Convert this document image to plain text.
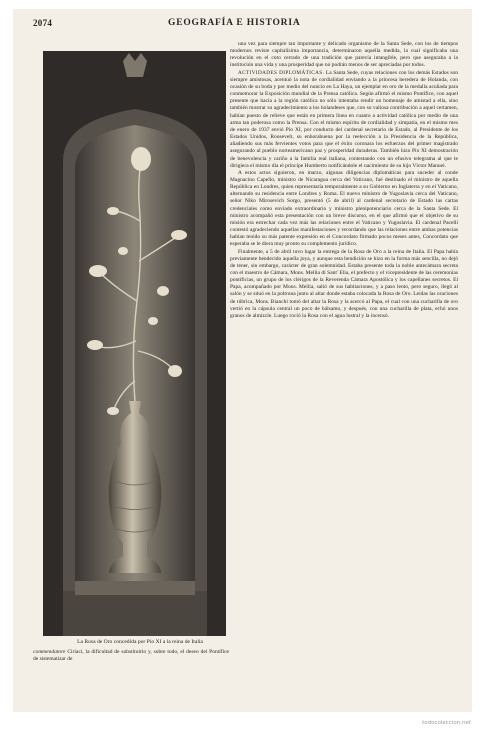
2074	GEOGRAFÍA E HISTORIA
La Rosa de Oro concedida por Pío XI a la reina de Italia

una vez para siempre tan importante y delicado organismo de la Santa Sede, con los de tiempos modernos reviste capitalísima importancia, determinaron aquella medida, la cual significaba una revolución en el coto cerrado de una tradición que parecía intangible, pero que aseguraba a la institución una vida y una prosperidad que no podrán menos de ser apreciadas por todos.

ACTIVIDADES DIPLOMÁTICAS. La Santa Sede, cuyas relaciones con los demás Estados son siempre amistosas, acentuó la nota de cordialidad enviando a la princesa heredera de Holanda, con ocasión de su boda y por medio del nuncio en La Haya, un ejemplar en oro de la medalla acuñada para conmemorar la Exposición mundial de la Prensa católica. Según afirmó el mismo Pontífice, con aquel presente que hacía a la región católica no sólo intentaba rendir un homenaje de amistad a ella, sino también mostrar su agradecimiento a los holandeses que, con su valiosa contribución a aquel certamen, habían puesto de relieve que están en primera línea en cuanto a actividad católica por medio de una arma tan poderosa como la Prensa. Con el mismo espíritu de cordialidad y simpatía, en el mismo mes de enero de 1937 envió Pío XI, por conducto del cardenal secretario de Estado, al Presidente de los Estados Unidos, Roosevelt, su enhorabuena por la reelección a la Presidencia de la República, añadiendo sus más fervientes votos para que el éxito coronara los esfuerzos del primer magistrado asegurando al pueblo norteamericano paz y prosperidad duraderas. También hizo Pío XI demostración de benevolencia y cariño a la familia real italiana, contestando con un efusivo telegrama al que le dirigiera el mismo día el príncipe Humberto notificándole el nacimiento de su hijo Víctor Manuel.

A estos actos siguieron, en marzo, algunas diligencias diplomáticas para suceder al conde Magnacino Capello, ministro de Nicaragua cerca del Vaticano, fué destinado el ministro de aquella República en Londres, quien representaría temporalmente a su Gobierno en Inglaterra y en el Vaticano, alternando su residencia entre Londres y Roma. El nuevo ministro de Yugoslavia cerca del Vaticano, señor Niko Mirosevich Sorgo, presentó (5 de abril) al cardenal secretario de Estado las cartas credenciales como enviado extraordinario y ministro plenipotenciario cerca de la Santa Sede. El ministro acompañó esta presentación con un breve discurso, en el que afirmó que el objetivo de su misión era estrechar cada vez más las relaciones entre el Vaticano y Yugoslavia. El cardenal Pacelli contestó agradeciendo aquellas manifestaciones y recordando que las relaciones entre ambas potencias habían tenido su más patente expresión en el Concordato firmado pocos meses antes, Concordato que esperaba se le diera muy pronto su complemento jurídico.

Finalmente, a 5 de abril tuvo lugar la entrega de la Rosa de Oro a la reina de Italia. El Papa había previamente bendecido aquella joya, y aunque esta bendición se hizo en la forma más sencilla, no dejó de tener, sin embargo, carácter de gran solemnidad. Estaba presente toda la noble antecámara secreta con el maestro de Cámara, Mons. Mellia di Sant' Elia, el prefecto y el vicepresidente de las ceremonias pontificias, un grupo de los clérigos de la Reverenda Cámara Apostólica y los capellanes secretos. El Papa, acompañado por Mons. Mellia, salió de sus habitaciones, y a paso lento, pero seguro, llegó al salón y se situó en la poltrona junto al altar donde estaba colocada la Rosa de Oro. Leídas las oraciones de rúbrica, Mons. Bianchi tomó del altar la Rosa y la acercó al Papa, el cual con una cucharilla de oro vertió en la cápsula central un poco de bálsamo, y después, con una cucharilla de plata, echó unos granos de almizcle. Luego roció la Rosa con el agua lustral y la incensó.

commendatore Ciriaci, la dificultad de substituirlo y, sobre todo, el deseo del Pontífice de sistematizar de

todocoleccion.net
